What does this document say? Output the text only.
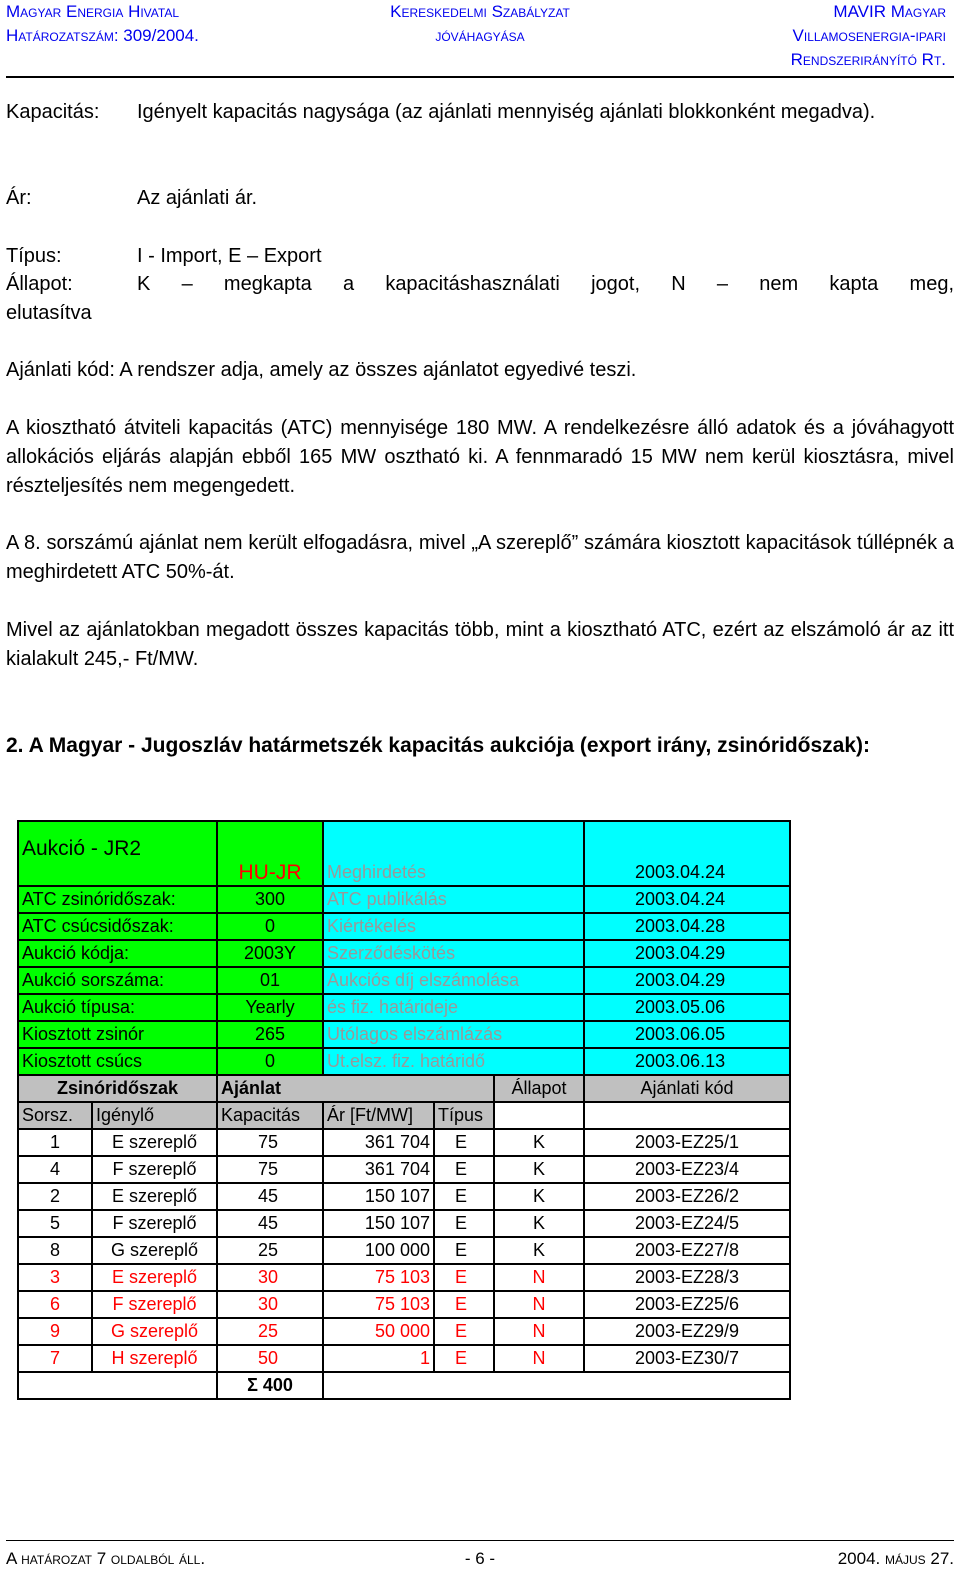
Magyar Energia Hivatal
Határozatszám: 309/2004.
Kereskedelmi Szabályzat
jóváhagyása
MAVIR Magyar
Villamosenergia-ipari
Rendszerirányító Rt.
Kapacitás: Igényelt kapacitás nagysága (az ajánlati mennyiség ajánlati blokkonként megadva).
Ár:	Az ajánlati ár.
Típus:	I - Import, E – Export
Állapot:	K – megkapta a kapacitáshasználati jogot, N – nem kapta meg,
elutasítva
Ajánlati kód: A rendszer adja, amely az összes ajánlatot egyedivé teszi.
A kiosztható átviteli kapacitás (ATC) mennyisége 180 MW. A rendelkezésre álló adatok és a jóváhagyott allokációs eljárás alapján ebből 165 MW osztható ki. A fennmaradó 15 MW nem kerül kiosztásra, mivel részteljesítés nem megengedett.
A 8. sorszámú ajánlat nem került elfogadásra, mivel „A szereplő” számára kiosztott kapacitások túllépnék a meghirdetett ATC 50%-át.
Mivel az ajánlatokban megadott összes kapacitás több, mint a kiosztható ATC, ezért az elszámoló ár az itt kialakult 245,- Ft/MW.
2. A Magyar - Jugoszláv határmetszék kapacitás aukciója (export irány, zsinóridőszak):
Aukció - JR2		HU-JR	Meghirdetés			2003.04.24
ATC zsinóridőszak:		300	ATC publikálás			2003.04.24
ATC csúcsidőszak:		0	Kiértékelés			2003.04.28
Aukció kódja:		2003Y	Szerződéskötés			2003.04.29
Aukció sorszáma:		01	Aukciós díj elszámolása			2003.04.29
Aukció típusa:		Yearly	és fiz. határideje			2003.05.06
Kiosztott zsinór		265	Utólagos elszámlázás			2003.06.05
Kiosztott csúcs		0	Ut.elsz. fiz. határidő			2003.06.13
Zsinóridőszak		Ajánlat			Állapot	Ajánlati kód
Sorsz.	Igénylő	Kapacitás	Ár [Ft/MW]	Típus		
1	E szereplő	75	361 704	E	K	2003-EZ25/1
4	F szereplő	75	361 704	E	K	2003-EZ23/4
2	E szereplő	45	150 107	E	K	2003-EZ26/2
5	F szereplő	45	150 107	E	K	2003-EZ24/5
8	G szereplő	25	100 000	E	K	2003-EZ27/8
3	E szereplő	30	75 103	E	N	2003-EZ28/3
6	F szereplő	30	75 103	E	N	2003-EZ25/6
9	G szereplő	25	50 000	E	N	2003-EZ29/9
7	H szereplő	50	1	E	N	2003-EZ30/7
		Σ 400				
A határozat 7 oldalból áll.	- 6 -	2004. május 27.
